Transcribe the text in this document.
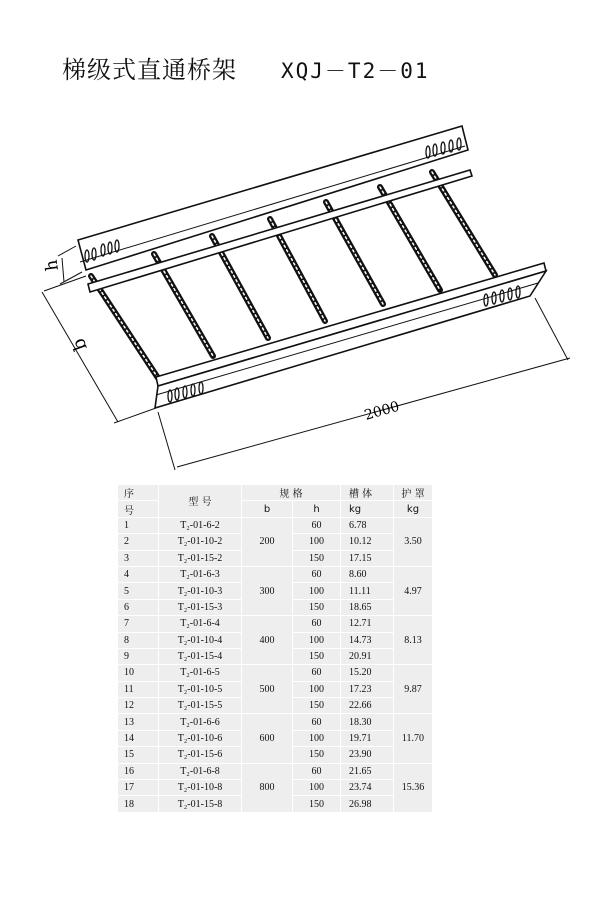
梯级式直通桥架 XQJ－T2－01
h
b
2000
序	型 号	规 格		槽 体	护 罩
号		b	h	kg	kg
1	T₂-01-6-2	200	60	6.78	3.50
2	T₂-01-10-2		100	10.12	
3	T₂-01-15-2		150	17.15	
4	T₂-01-6-3	300	60	8.60	4.97
5	T₂-01-10-3		100	11.11	
6	T₂-01-15-3		150	18.65	
7	T₂-01-6-4	400	60	12.71	8.13
8	T₂-01-10-4		100	14.73	
9	T₂-01-15-4		150	20.91	
10	T₂-01-6-5	500	60	15.20	9.87
11	T₂-01-10-5		100	17.23	
12	T₂-01-15-5		150	22.66	
13	T₂-01-6-6	600	60	18.30	11.70
14	T₂-01-10-6		100	19.71	
15	T₂-01-15-6		150	23.90	
16	T₂-01-6-8	800	60	21.65	15.36
17	T₂-01-10-8		100	23.74	
18	T₂-01-15-8		150	26.98	
